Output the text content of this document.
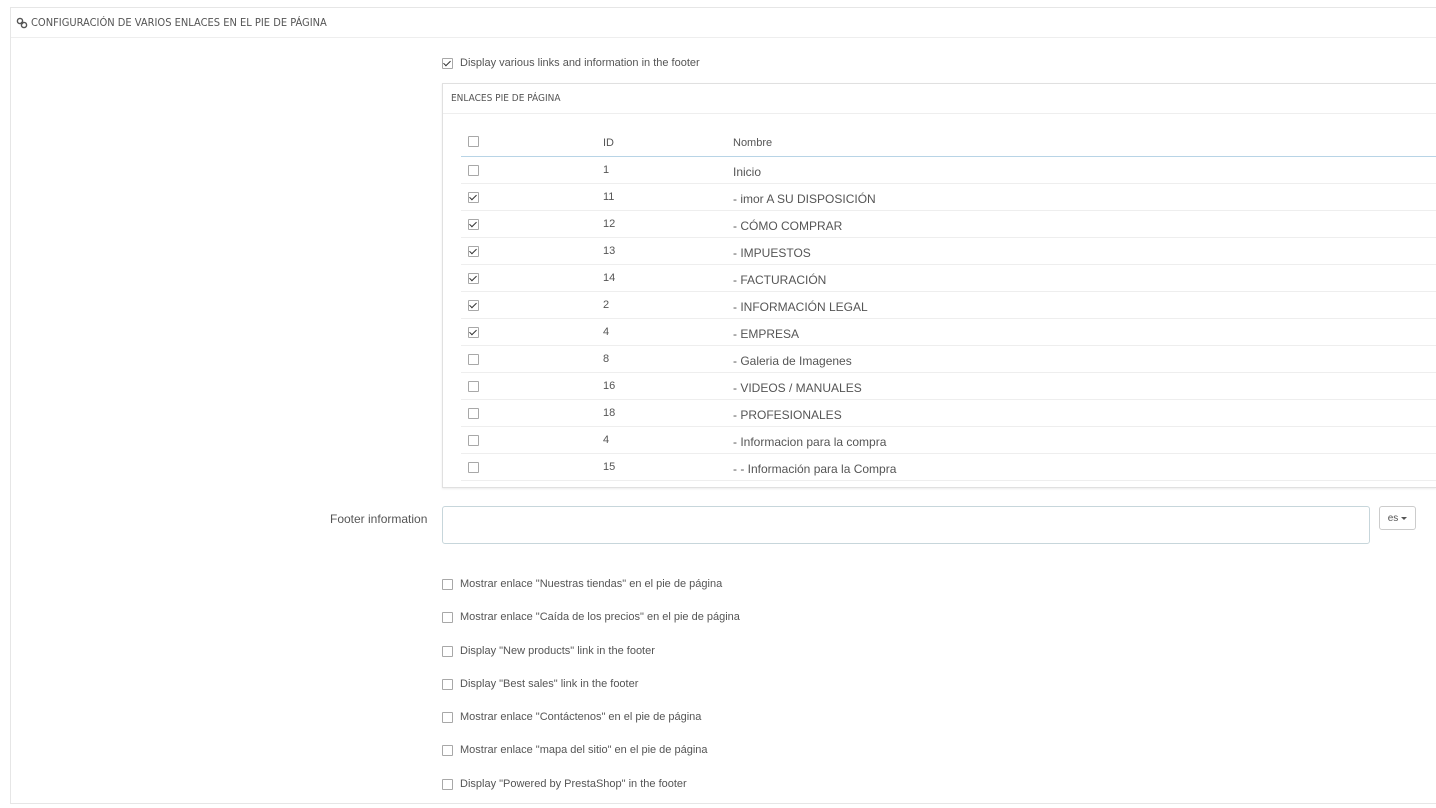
CONFIGURACIÓN DE VARIOS ENLACES EN EL PIE DE PÁGINA
Display various links and information in the footer
ENLACES PIE DE PÁGINA
ID	Nombre
1	Inicio
11	- imor A SU DISPOSICIÓN
12	- CÓMO COMPRAR
13	- IMPUESTOS
14	- FACTURACIÓN
2	- INFORMACIÓN LEGAL
4	- EMPRESA
8	- Galeria de Imagenes
16	- VIDEOS / MANUALES
18	- PROFESIONALES
4	- Informacion para la compra
15	- - Información para la Compra
Footer information	es
Mostrar enlace "Nuestras tiendas" en el pie de página
Mostrar enlace "Caída de los precios" en el pie de página
Display "New products" link in the footer
Display "Best sales" link in the footer
Mostrar enlace "Contáctenos" en el pie de página
Mostrar enlace "mapa del sitio" en el pie de página
Display "Powered by PrestaShop" in the footer
